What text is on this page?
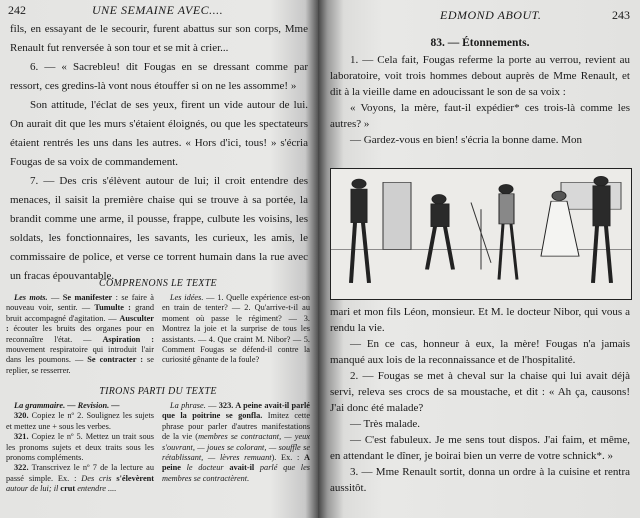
242	UNE SEMAINE AVEC....

fils, en essayant de le secourir, furent abattus sur son corps, Mme Renault fut renversée à son tour et se mit à crier...

6. — « Sacrebleu! dit Fougas en se dressant comme par ressort, ces gredins-là vont nous étouffer si on ne les assomme! »

Son attitude, l'éclat de ses yeux, firent un vide autour de lui. On aurait dit que les murs s'étaient éloignés, ou que les spectateurs étaient rentrés les uns dans les autres. « Hors d'ici, tous! » s'écria Fougas de sa voix de commandement.

7. — Des cris s'élèvent autour de lui; il croit entendre des menaces, il saisit la première chaise qui se trouve à sa portée, la brandit comme une arme, il pousse, frappe, culbute les voisins, les soldats, les fonctionnaires, les savants, les curieux, les amis, le commissaire de police, et verse ce torrent humain dans la rue avec un fracas épouvantable.

COMPRENONS LE TEXTE

Les mots. — Se manifester : se faire à nouveau voir, sentir. — Tumulte : grand bruit accompagné d'agitation. — Ausculter : écouter les bruits des organes pour en reconnaître l'état. — Aspiration : mouvement respiratoire qui introduit l'air dans les poumons. — Se contracter : se replier, se resserrer.

Les idées. — 1. Quelle expérience est-on en train de tenter? — 2. Qu'arrive-t-il au moment où passe le régiment? — 3. Montrez la joie et la surprise de tous les assistants. — 4. Que craint M. Nibor? — 5. Comment Fougas se défend-il contre la curiosité gênante de la foule?

TIRONS PARTI DU TEXTE

La grammaire. — Revision. —

320. Copiez le nº 2. Soulignez les sujets et mettez une + sous les verbes.

321. Copiez le nº 5. Mettez un trait sous les pronoms sujets et deux traits sous les pronoms compléments.

322. Transcrivez le nº 7 de la lecture au passé simple. Ex. : Des cris s'élevèrent autour de lui; il crut entendre ....

La phrase. — 323. A peine avait-il parlé que la poitrine se gonfla. Imitez cette phrase pour parler d'autres manifestations de la vie (membres se contractant, — yeux s'ouvrant, — joues se colorant, — souffle se rétablissant, — lèvres remuant). Ex. : A peine le docteur avait-il parlé que les membres se contractèrent.

EDMOND ABOUT.	243

83. — Étonnements.

1. — Cela fait, Fougas referme la porte au verrou, revient au laboratoire, voit trois hommes debout auprès de Mme Renault, et dit à la vieille dame en adoucissant le son de sa voix :

« Voyons, la mère, faut-il expédier* ces trois-là comme les autres? »

— Gardez-vous en bien! s'écria la bonne dame. Mon

mari et mon fils Léon, monsieur. Et M. le docteur Nibor, qui vous a rendu la vie.

— En ce cas, honneur à eux, la mère! Fougas n'a jamais manqué aux lois de la reconnaissance et de l'hospitalité.

2. — Fougas se met à cheval sur la chaise qui lui avait déjà servi, relevа ses crocs de sa moustache, et dit : « Ah ça, causons! J'ai donc été malade?

— Très malade.

— C'est fabuleux. Je me sens tout dispos. J'ai faim, et même, en attendant le dîner, je boirai bien un verre de votre schnick*. »

3. — Mme Renault sortit, donna un ordre à la cuisine et rentra aussitôt.
